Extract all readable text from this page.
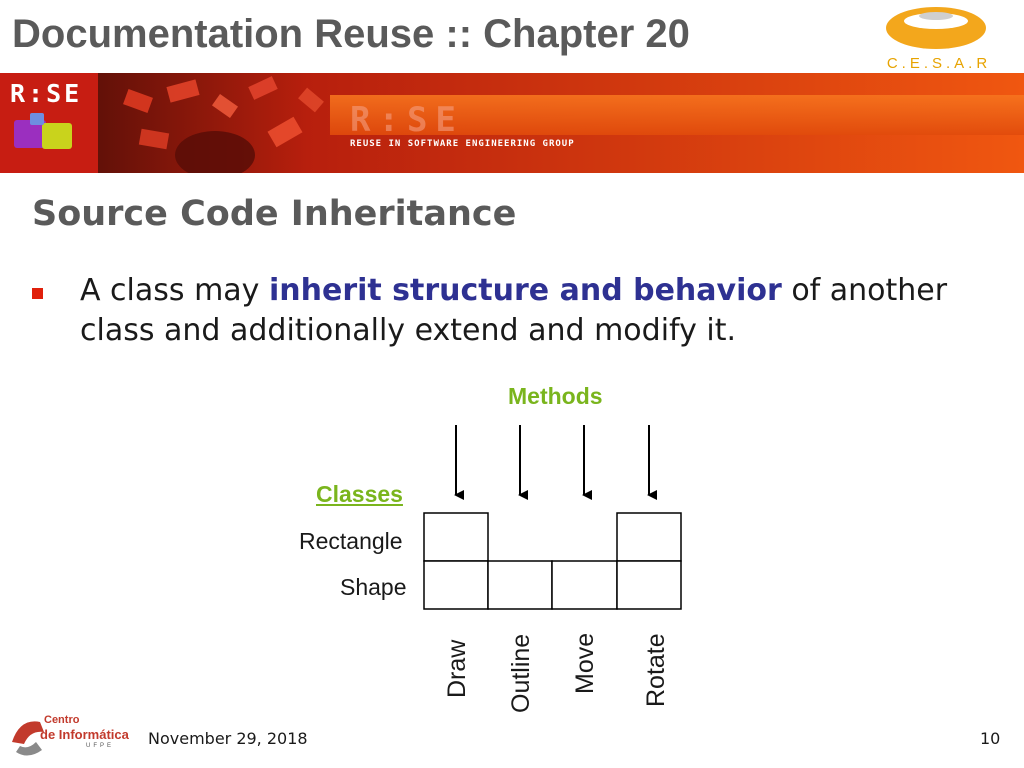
Documentation Reuse :: Chapter 20
C.E.S.A.R
R:SE
R:SE
REUSE IN SOFTWARE ENGINEERING GROUP
Source Code Inheritance
A class may inherit structure and behavior of another class and additionally extend and modify it.
Methods
Classes
Rectangle
Shape
Draw Outline Move Rotate
Centro
de Informática
UFPE November 29, 2018	10
